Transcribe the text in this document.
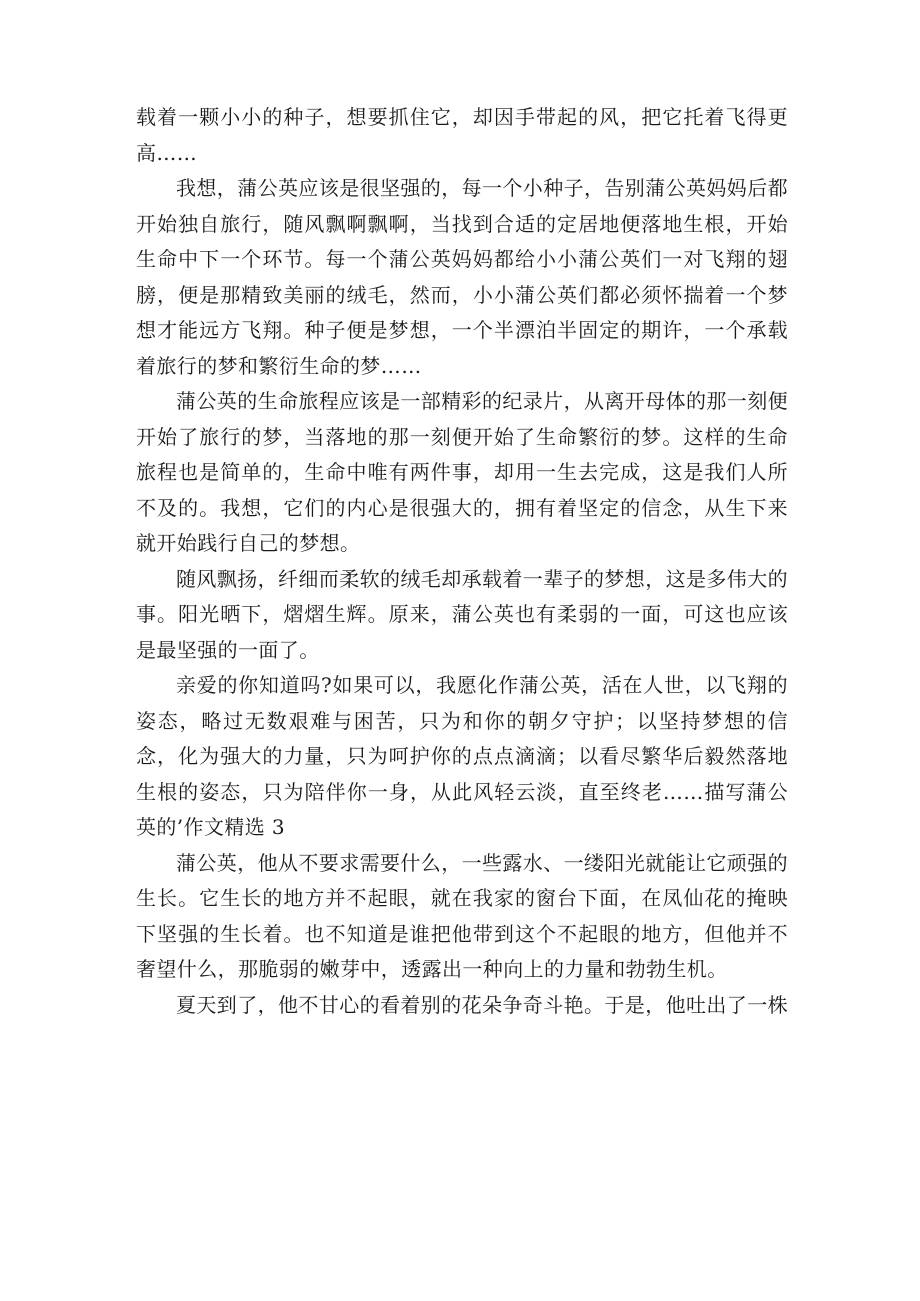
载着一颗小小的种子，想要抓住它，却因手带起的风，把它托着飞得更高……

我想，蒲公英应该是很坚强的，每一个小种子，告别蒲公英妈妈后都开始独自旅行，随风飘啊飘啊，当找到合适的定居地便落地生根，开始生命中下一个环节。每一个蒲公英妈妈都给小小蒲公英们一对飞翔的翅膀，便是那精致美丽的绒毛，然而，小小蒲公英们都必须怀揣着一个梦想才能远方飞翔。种子便是梦想，一个半漂泊半固定的期许，一个承载着旅行的梦和繁衍生命的梦……

蒲公英的生命旅程应该是一部精彩的纪录片，从离开母体的那一刻便开始了旅行的梦，当落地的那一刻便开始了生命繁衍的梦。这样的生命旅程也是简单的，生命中唯有两件事，却用一生去完成，这是我们人所不及的。我想，它们的内心是很强大的，拥有着坚定的信念，从生下来就开始践行自己的梦想。

随风飘扬，纤细而柔软的绒毛却承载着一辈子的梦想，这是多伟大的事。阳光晒下，熠熠生辉。原来，蒲公英也有柔弱的一面，可这也应该是最坚强的一面了。

亲爱的你知道吗?如果可以，我愿化作蒲公英，活在人世，以飞翔的姿态，略过无数艰难与困苦，只为和你的朝夕守护；以坚持梦想的信念，化为强大的力量，只为呵护你的点点滴滴；以看尽繁华后毅然落地生根的姿态，只为陪伴你一身，从此风轻云淡，直至终老……描写蒲公英的’作文精选 3

蒲公英，他从不要求需要什么，一些露水、一缕阳光就能让它顽强的生长。它生长的地方并不起眼，就在我家的窗台下面，在凤仙花的掩映下坚强的生长着。也不知道是谁把他带到这个不起眼的地方，但他并不奢望什么，那脆弱的嫩芽中，透露出一种向上的力量和勃勃生机。

夏天到了，他不甘心的看着别的花朵争奇斗艳。于是，他吐出了一株
